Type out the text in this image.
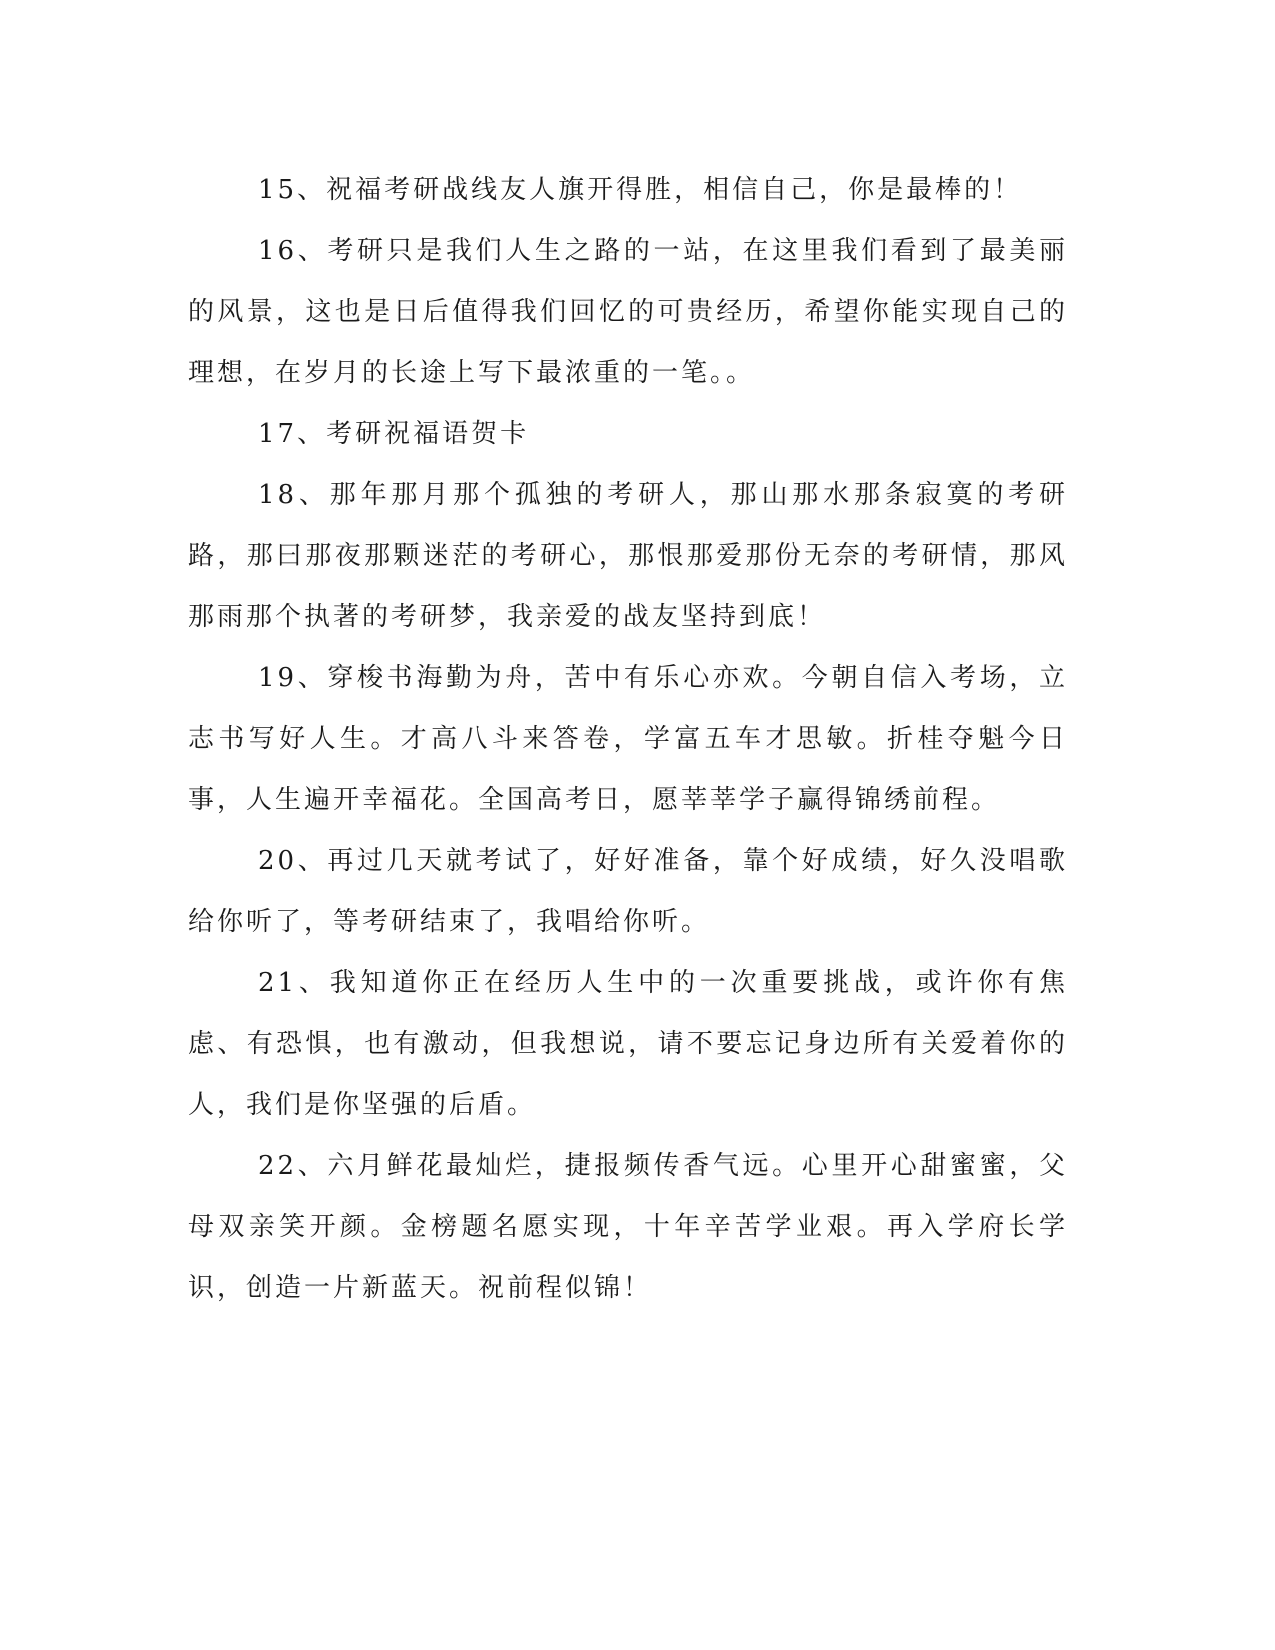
15、祝福考研战线友人旗开得胜，相信自己，你是最棒的！

16、考研只是我们人生之路的一站，在这里我们看到了最美丽的风景，这也是日后值得我们回忆的可贵经历，希望你能实现自己的理想，在岁月的长途上写下最浓重的一笔。。

17、考研祝福语贺卡

18、那年那月那个孤独的考研人，那山那水那条寂寞的考研路，那曰那夜那颗迷茫的考研心，那恨那爱那份无奈的考研情，那风那雨那个执著的考研梦，我亲爱的战友坚持到底！

19、穿梭书海勤为舟，苦中有乐心亦欢。今朝自信入考场，立志书写好人生。才高八斗来答卷，学富五车才思敏。折桂夺魁今日事，人生遍开幸福花。全国高考日，愿莘莘学子赢得锦绣前程。

20、再过几天就考试了，好好准备，靠个好成绩，好久没唱歌给你听了，等考研结束了，我唱给你听。

21、我知道你正在经历人生中的一次重要挑战，或许你有焦虑、有恐惧，也有激动，但我想说，请不要忘记身边所有关爱着你的人，我们是你坚强的后盾。

22、六月鲜花最灿烂，捷报频传香气远。心里开心甜蜜蜜，父母双亲笑开颜。金榜题名愿实现，十年辛苦学业艰。再入学府长学识，创造一片新蓝天。祝前程似锦！
